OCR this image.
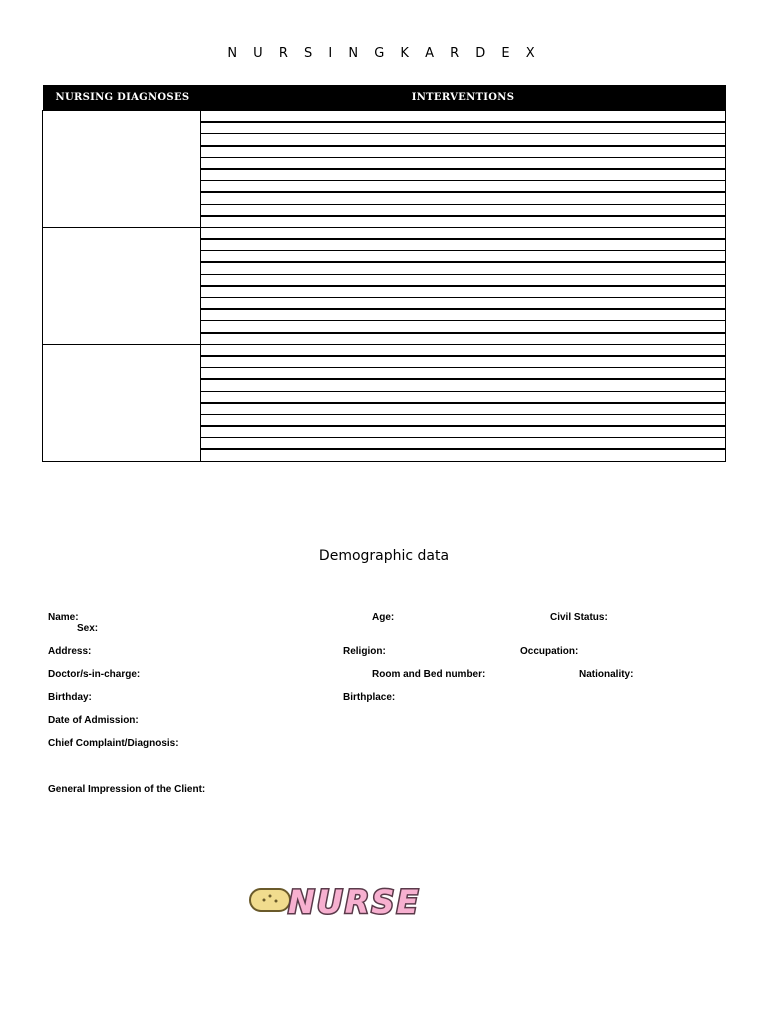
N U R S I N G K A R D E X
NURSING DIAGNOSES	INTERVENTIONS

Demographic data
Name:	Age:	Civil Status:
Sex:
Address:	Religion:	Occupation:
Doctor/s-in-charge:	Room and Bed number:	Nationality:
Birthday:	Birthplace:
Date of Admission:
Chief Complaint/Diagnosis:
General Impression of the Client:
NURSE
